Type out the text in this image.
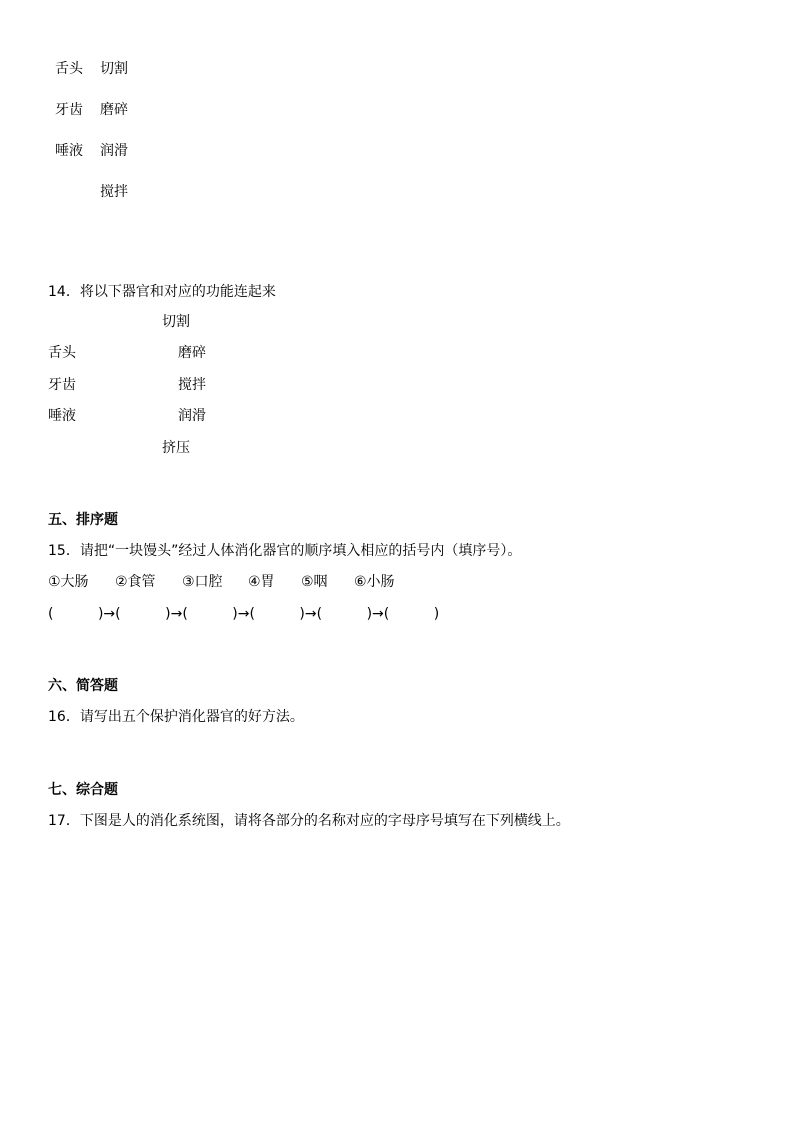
舌头 切割
牙齿 磨碎
唾液 润滑
搅拌
14．将以下器官和对应的功能连起来
切割
舌头	磨碎
牙齿	搅拌
唾液	润滑
挤压
五、排序题
15．请把“一块馒头”经过人体消化器官的顺序填入相应的括号内（填序号）。
①大肠 ②食管 ③口腔 ④胃 ⑤咽 ⑥小肠
(          )→(          )→(          )→(          )→(          )→(          )
六、简答题
16．请写出五个保护消化器官的好方法。
七、综合题
17．下图是人的消化系统图，请将各部分的名称对应的字母序号填写在下列横线上。
